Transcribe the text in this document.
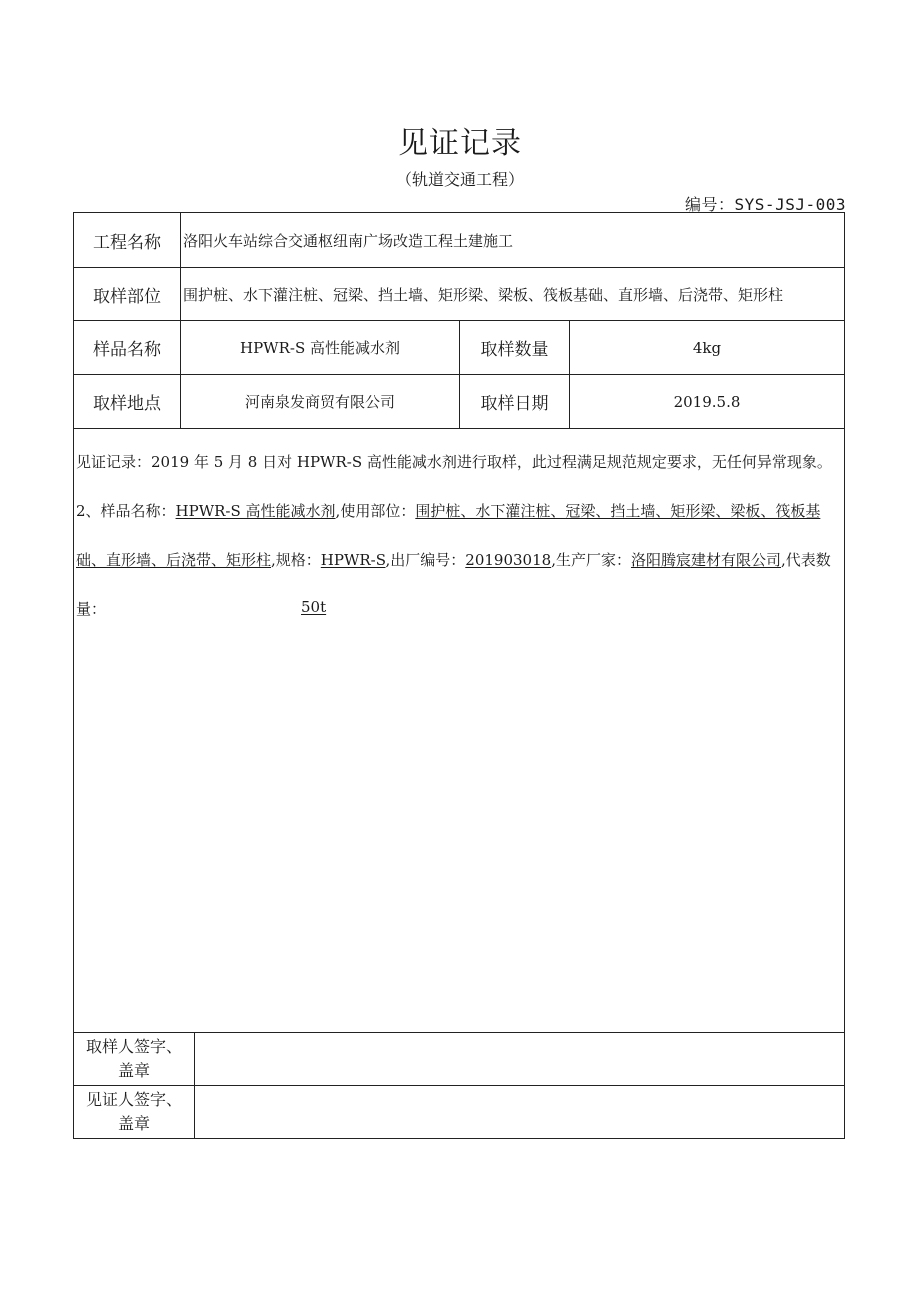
见证记录
（轨道交通工程）
编号：SYS-JSJ-003
工程名称	洛阳火车站综合交通枢纽南广场改造工程土建施工
取样部位	围护桩、水下灌注桩、冠梁、挡土墙、矩形梁、梁板、筏板基础、直形墙、后浇带、矩形柱
样品名称	HPWR-S 高性能减水剂	取样数量	4kg
取样地点	河南泉发商贸有限公司	取样日期	2019.5.8
见证记录：2019 年 5 月 8 日对 HPWR-S 高性能减水剂进行取样，此过程满足规范规定要求，无任何异常现象。
2、样品名称：HPWR-S 高性能减水剂,使用部位：围护桩、水下灌注桩、冠梁、挡土墙、矩形梁、梁板、筏板基
础、直形墙、后浇带、矩形柱,规格：HPWR-S,出厂编号：201903018,生产厂家：洛阳腾宸建材有限公司,代表数
量：	50t
取样人签字、
盖章
见证人签字、
盖章
